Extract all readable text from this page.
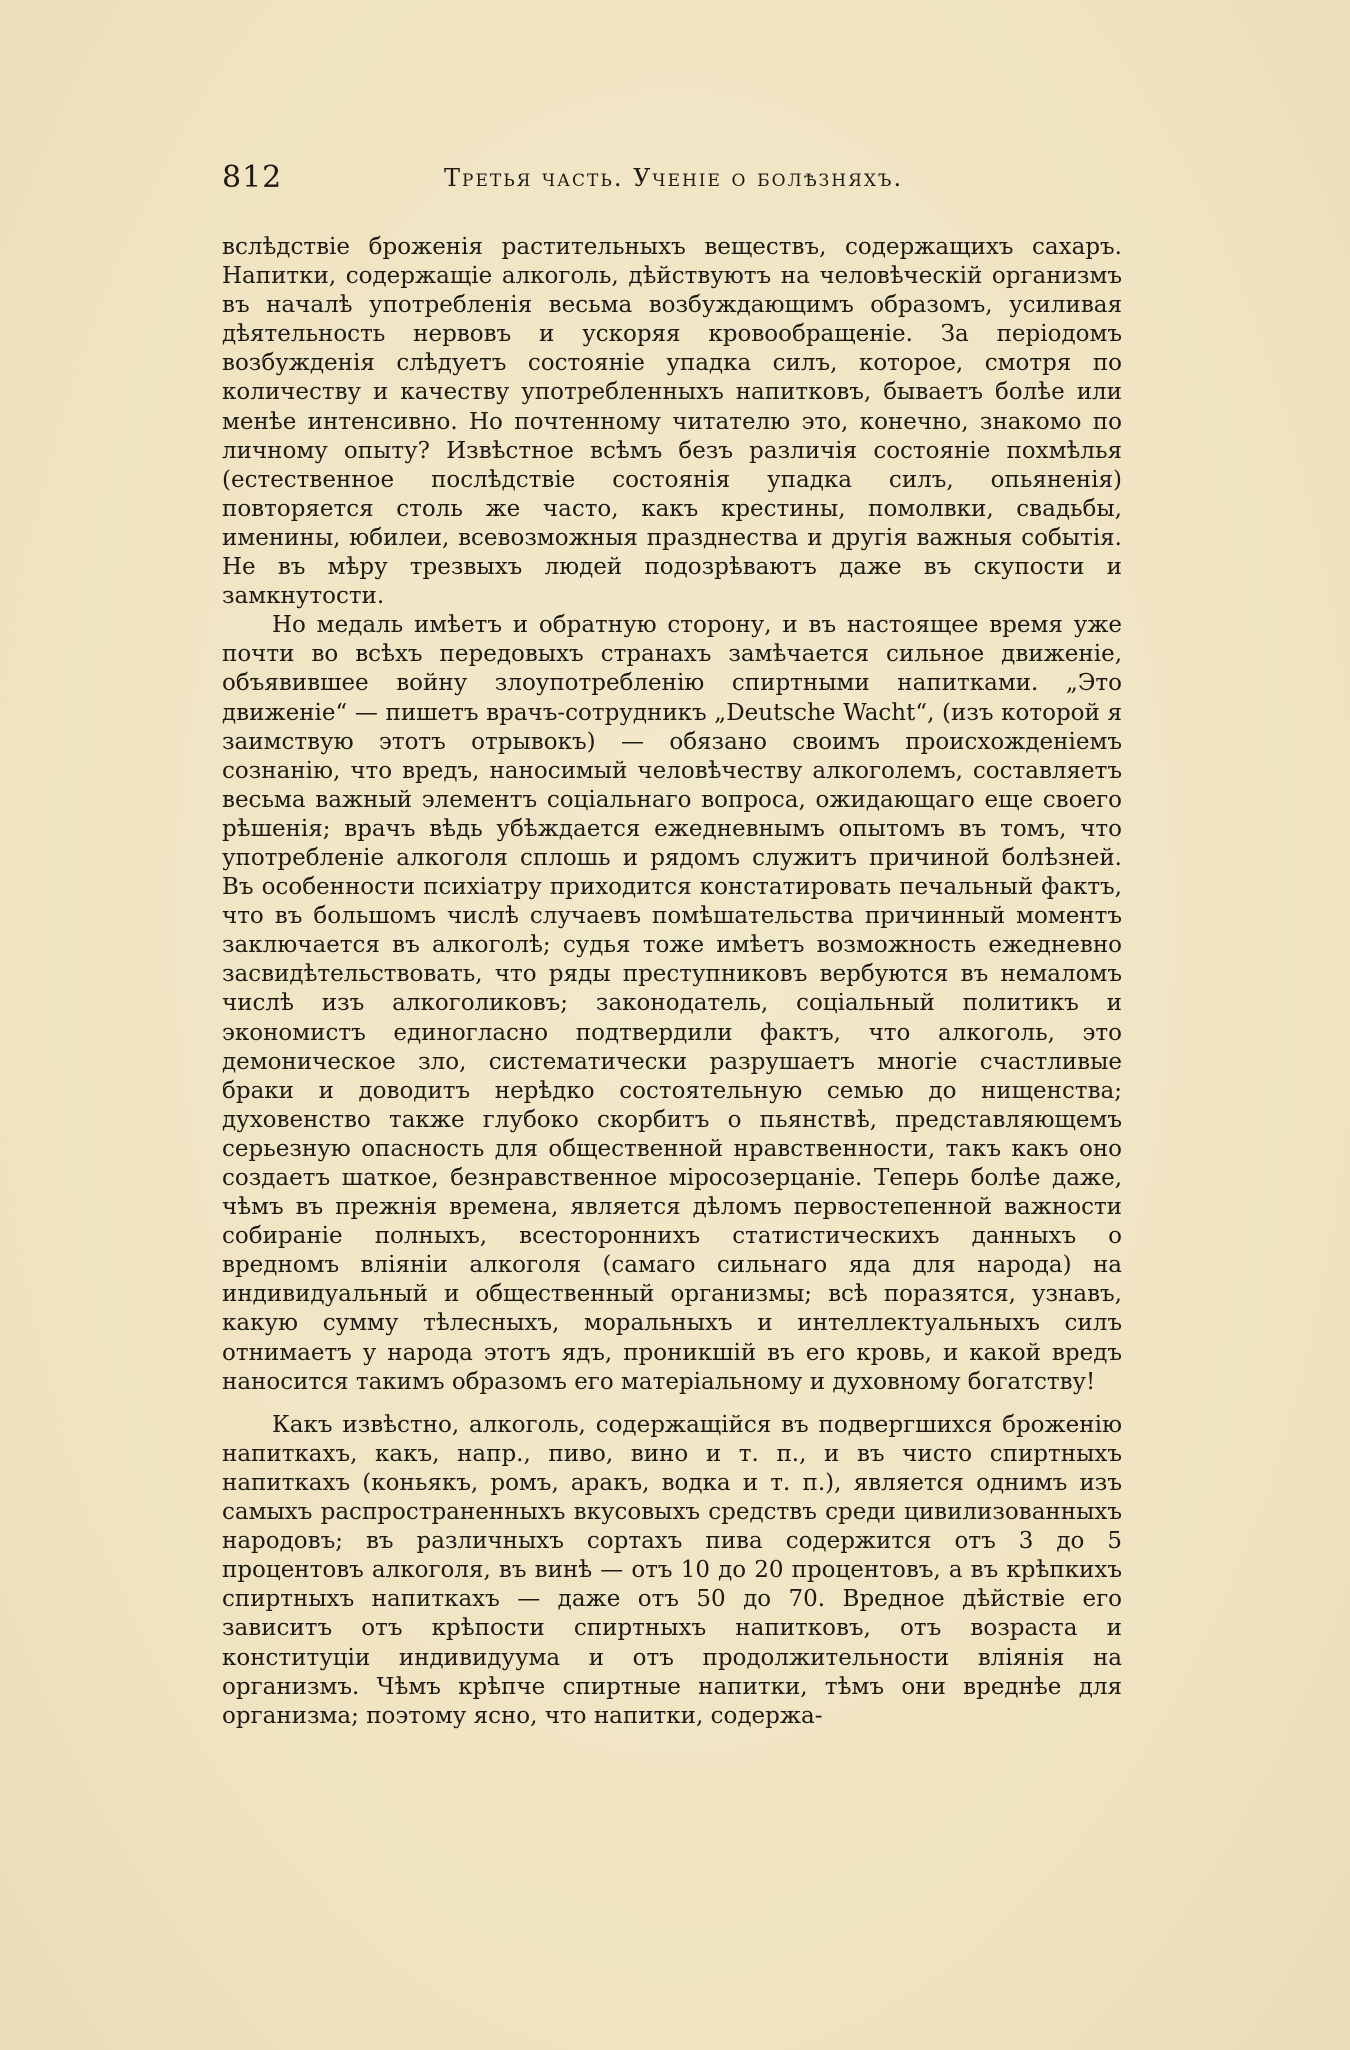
812	Третья часть. Ученіе о болѣзняхъ.

вслѣдствіе броженія растительныхъ веществъ, содержащихъ сахаръ. Напитки, содержащіе алкоголь, дѣйствуютъ на человѣческій организмъ въ началѣ употребленія весьма возбуждающимъ образомъ, усиливая дѣятельность нервовъ и ускоряя кровообращеніе. За періодомъ возбужденія слѣдуетъ состояніе упадка силъ, которое, смотря по количеству и качеству употребленныхъ напитковъ, бываетъ болѣе или менѣе интенсивно. Но почтенному читателю это, конечно, знакомо по личному опыту? Извѣстное всѣмъ безъ различія состояніе похмѣлья (естественное послѣдствіе состоянія упадка силъ, опьяненія) повторяется столь же часто, какъ крестины, помолвки, свадьбы, именины, юбилеи, всевозможныя празднества и другія важныя событія. Не въ мѣру трезвыхъ людей подозрѣваютъ даже въ скупости и замкнутости.

Но медаль имѣетъ и обратную сторону, и въ настоящее время уже почти во всѣхъ передовыхъ странахъ замѣчается сильное движеніе, объявившее войну злоупотребленію спиртными напитками. „Это движеніе“ — пишетъ врачъ-сотрудникъ „Deutsche Wacht“, (изъ которой я заимствую этотъ отрывокъ) — обязано своимъ происхожденіемъ сознанію, что вредъ, наносимый человѣчеству алкоголемъ, составляетъ весьма важный элементъ соціальнаго вопроса, ожидающаго еще своего рѣшенія; врачъ вѣдь убѣждается ежедневнымъ опытомъ въ томъ, что употребленіе алкоголя сплошь и рядомъ служитъ причиной болѣзней. Въ особенности психіатру приходится констатировать печальный фактъ, что въ большомъ числѣ случаевъ помѣшательства причинный моментъ заключается въ алкоголѣ; судья тоже имѣетъ возможность ежедневно засвидѣтельствовать, что ряды преступниковъ вербуются въ немаломъ числѣ изъ алкоголиковъ; законодатель, соціальный политикъ и экономистъ единогласно подтвердили фактъ, что алкоголь, это демоническое зло, систематически разрушаетъ многіе счастливые браки и доводитъ нерѣдко состоятельную семью до нищенства; духовенство также глубоко скорбитъ о пьянствѣ, представляющемъ серьезную опасность для общественной нравственности, такъ какъ оно создаетъ шаткое, безнравственное міросозерцаніе. Теперь болѣе даже, чѣмъ въ прежнія времена, является дѣломъ первостепенной важности собираніе полныхъ, всестороннихъ статистическихъ данныхъ о вредномъ вліяніи алкоголя (самаго сильнаго яда для народа) на индивидуальный и общественный организмы; всѣ поразятся, узнавъ, какую сумму тѣлесныхъ, моральныхъ и интеллектуальныхъ силъ отнимаетъ у народа этотъ ядъ, проникшій въ его кровь, и какой вредъ наносится такимъ образомъ его матеріальному и духовному богатству!

Какъ извѣстно, алкоголь, содержащійся въ подвергшихся броженію напиткахъ, какъ, напр., пиво, вино и т. п., и въ чисто спиртныхъ напиткахъ (коньякъ, ромъ, аракъ, водка и т. п.), является однимъ изъ самыхъ распространенныхъ вкусовыхъ средствъ среди цивилизованныхъ народовъ; въ различныхъ сортахъ пива содержится отъ 3 до 5 процентовъ алкоголя, въ винѣ — отъ 10 до 20 процентовъ, а въ крѣпкихъ спиртныхъ напиткахъ — даже отъ 50 до 70. Вредное дѣйствіе его зависитъ отъ крѣпости спиртныхъ напитковъ, отъ возраста и конституціи индивидуума и отъ продолжительности вліянія на организмъ. Чѣмъ крѣпче спиртные напитки, тѣмъ они вреднѣе для организма; поэтому ясно, что напитки, содержа-
